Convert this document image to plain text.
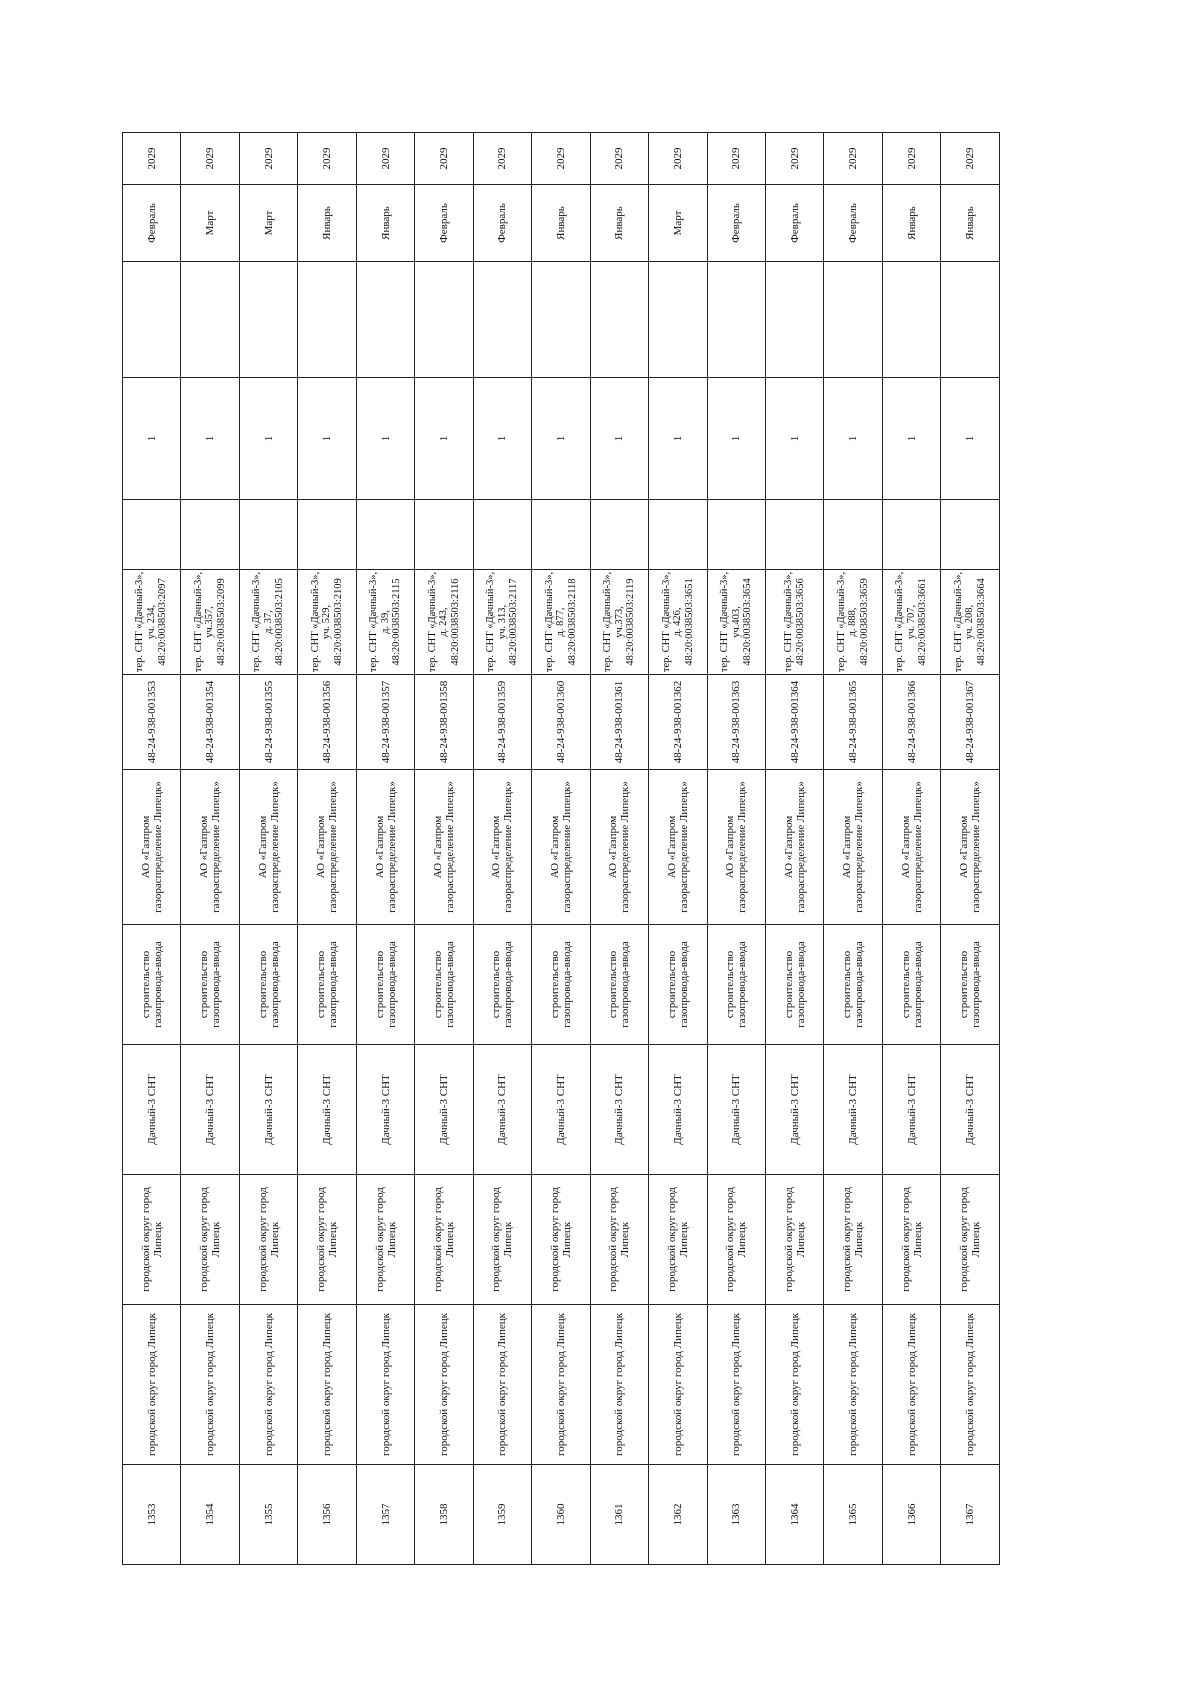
1353	городской округ город Липецк	городской округ город Липецк	Дачный-3 СНТ	строительство газопровода-ввода	АО «Газпром газораспределение Липецк»	48-24-938-001353	тер. СНТ «Дачный-3», уч. 234, 48:20:0038503:2097		1		Февраль	2029
1354	городской округ город Липецк	городской округ город Липецк	Дачный-3 СНТ	строительство газопровода-ввода	АО «Газпром газораспределение Липецк»	48-24-938-001354	тер. СНТ «Дачный-3», уч.357, 48:20:0038503:2099		1		Март	2029
1355	городской округ город Липецк	городской округ город Липецк	Дачный-3 СНТ	строительство газопровода-ввода	АО «Газпром газораспределение Липецк»	48-24-938-001355	тер. СНТ «Дачный-3», д. 37, 48:20:0038503:2105		1		Март	2029
1356	городской округ город Липецк	городской округ город Липецк	Дачный-3 СНТ	строительство газопровода-ввода	АО «Газпром газораспределение Липецк»	48-24-938-001356	тер. СНТ «Дачный-3», уч. 529, 48:20:0038503:2109		1		Январь	2029
1357	городской округ город Липецк	городской округ город Липецк	Дачный-3 СНТ	строительство газопровода-ввода	АО «Газпром газораспределение Липецк»	48-24-938-001357	тер. СНТ «Дачный-3», д. 39, 48:20:0038503:2115		1		Январь	2029
1358	городской округ город Липецк	городской округ город Липецк	Дачный-3 СНТ	строительство газопровода-ввода	АО «Газпром газораспределение Липецк»	48-24-938-001358	тер. СНТ «Дачный-3», д. 243, 48:20:0038503:2116		1		Февраль	2029
1359	городской округ город Липецк	городской округ город Липецк	Дачный-3 СНТ	строительство газопровода-ввода	АО «Газпром газораспределение Липецк»	48-24-938-001359	тер. СНТ «Дачный-3», уч. 313, 48:20:0038503:2117		1		Февраль	2029
1360	городской округ город Липецк	городской округ город Липецк	Дачный-3 СНТ	строительство газопровода-ввода	АО «Газпром газораспределение Липецк»	48-24-938-001360	тер. СНТ «Дачный-3», д. 877, 48:20:0038503:2118		1		Январь	2029
1361	городской округ город Липецк	городской округ город Липецк	Дачный-3 СНТ	строительство газопровода-ввода	АО «Газпром газораспределение Липецк»	48-24-938-001361	тер. СНТ «Дачный-3», уч.373, 48:20:0038503:2119		1		Январь	2029
1362	городской округ город Липецк	городской округ город Липецк	Дачный-3 СНТ	строительство газопровода-ввода	АО «Газпром газораспределение Липецк»	48-24-938-001362	тер. СНТ «Дачный-3», д. 426, 48:20:0038503:3651		1		Март	2029
1363	городской округ город Липецк	городской округ город Липецк	Дачный-3 СНТ	строительство газопровода-ввода	АО «Газпром газораспределение Липецк»	48-24-938-001363	тер. СНТ «Дачный-3», уч.403, 48:20:0038503:3654		1		Февраль	2029
1364	городской округ город Липецк	городской округ город Липецк	Дачный-3 СНТ	строительство газопровода-ввода	АО «Газпром газораспределение Липецк»	48-24-938-001364	тер. СНТ «Дачный-3», 48:20:0038503:3656		1		Февраль	2029
1365	городской округ город Липецк	городской округ город Липецк	Дачный-3 СНТ	строительство газопровода-ввода	АО «Газпром газораспределение Липецк»	48-24-938-001365	тер. СНТ «Дачный-3», д. 888, 48:20:0038503:3659		1		Февраль	2029
1366	городской округ город Липецк	городской округ город Липецк	Дачный-3 СНТ	строительство газопровода-ввода	АО «Газпром газораспределение Липецк»	48-24-938-001366	тер. СНТ «Дачный-3», уч. 707, 48:20:0038503:3661		1		Январь	2029
1367	городской округ город Липецк	городской округ город Липецк	Дачный-3 СНТ	строительство газопровода-ввода	АО «Газпром газораспределение Липецк»	48-24-938-001367	тер. СНТ «Дачный-3», уч. 208, 48:20:0038503:3664		1		Январь	2029
